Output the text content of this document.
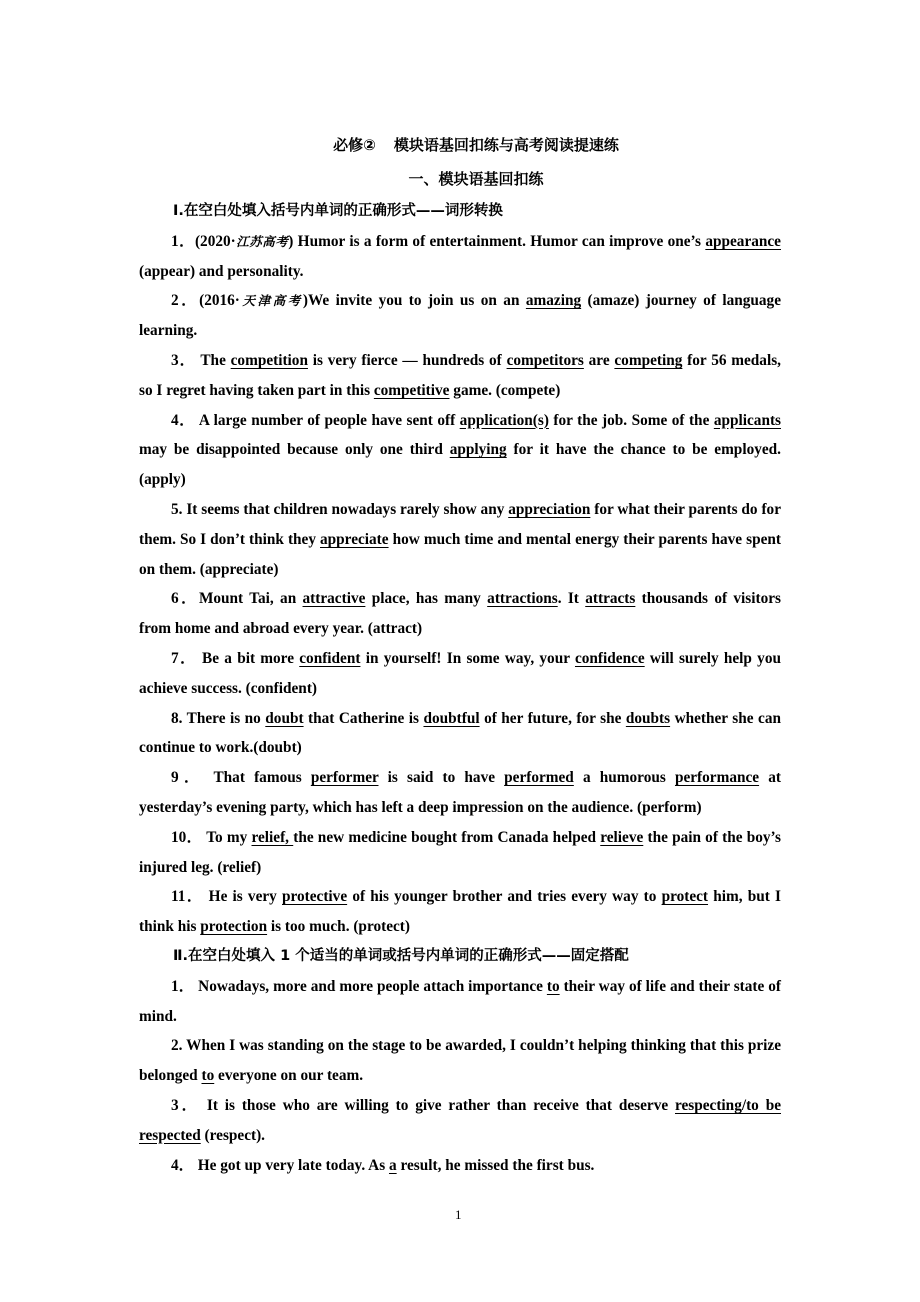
必修② 模块语基回扣练与高考阅读提速练
一、模块语基回扣练

Ⅰ.在空白处填入括号内单词的正确形式——词形转换

1．(2020·江苏高考) Humor is a form of entertainment. Humor can improve one’s appearance (appear) and personality.

2．(2016·天津高考)We invite you to join us on an amazing (amaze) journey of language learning.

3． The competition is very fierce — hundreds of competitors are competing for 56 medals, so I regret having taken part in this competitive game. (compete)

4． A large number of people have sent off application(s) for the job. Some of the applicants may be disappointed because only one third applying for it have the chance to be employed. (apply)

5. It seems that children nowadays rarely show any appreciation for what their parents do for them. So I don’t think they appreciate how much time and mental energy their parents have spent on them. (appreciate)

6．Mount Tai, an attractive place, has many attractions. It attracts thousands of visitors from home and abroad every year. (attract)

7． Be a bit more confident in yourself! In some way, your confidence will surely help you achieve success. (confident)

8. There is no doubt that Catherine is doubtful of her future, for she doubts whether she can continue to work.(doubt)

9． That famous performer is said to have performed a humorous performance at yesterday’s evening party, which has left a deep impression on the audience. (perform)

10． To my relief, the new medicine bought from Canada helped relieve the pain of the boy’s injured leg. (relief)

11． He is very protective of his younger brother and tries every way to protect him, but I think his protection is too much. (protect)

Ⅱ.在空白处填入 1 个适当的单词或括号内单词的正确形式——固定搭配

1． Nowadays, more and more people attach importance to their way of life and their state of mind.

2. When I was standing on the stage to be awarded, I couldn’t helping thinking that this prize belonged to everyone on our team.

3． It is those who are willing to give rather than receive that deserve respecting/to be respected (respect).

4． He got up very late today. As a result, he missed the first bus.

1
